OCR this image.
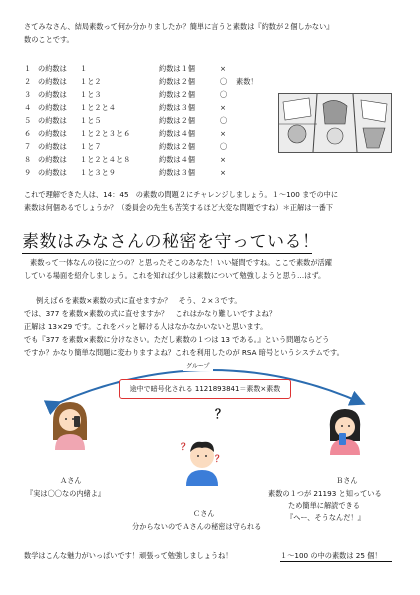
さてみなさん、結局素数って何か分かりましたか？簡単に言うと素数は『約数が２個しかない』
数のことです。
１ の約数は １	約数は１個	×
２ の約数は １と２	約数は２個	〇 素数！
３ の約数は １と３	約数は２個	〇
４ の約数は １と２と４	約数は３個	×
５ の約数は １と５	約数は２個	〇
６ の約数は １と２と３と６	約数は４個	×
７ の約数は １と７	約数は２個	〇
８ の約数は １と２と４と８	約数は４個	×
９ の約数は １と３と９	約数は３個	×
これで理解できた人は、14：45　の素数の問題２にチャレンジしましょう。１～100 までの中に
素数は何個あるでしょうか？（委員会の先生も苦笑するほど大変な問題ですね）＊正解は一番下
素数はみなさんの秘密を守っている！
素数って一体なんの役に立つの？と思ったそこのあなた！いい疑問ですね。ここで素数が活躍
している場面を紹介しましょう。これを知れば少しは素数について勉強しようと思う…はず。
例えば６を素数×素数の式に直せますか？　そう、２×３です。
では、377 を素数×素数の式に直せますか？　これはかなり難しいですよね？
正解は 13×29 です。これをパッと解ける人はなかなかいないと思います。
でも『377 を素数×素数に分けなさい。ただし素数の１つは 13 である。』という問題ならどう
ですか？かなり簡単な問題に変わりますよね？これを利用したのが RSA 暗号というシステムです。
グループ
途中で暗号化される 1121893841＝素数×素数
？
Ａさん
『実は〇〇なの内緒よ』
？
？
Ｃさん
分からないのでＡさんの秘密は守られる
Ｂさん
素数の１つが 21193 と知っている
ため簡単に解読できる
『へー、そうなんだ！』
数学はこんな魅力がいっぱいです！頑張って勉強しましょうね！	１～100 の中の素数は 25 個！
